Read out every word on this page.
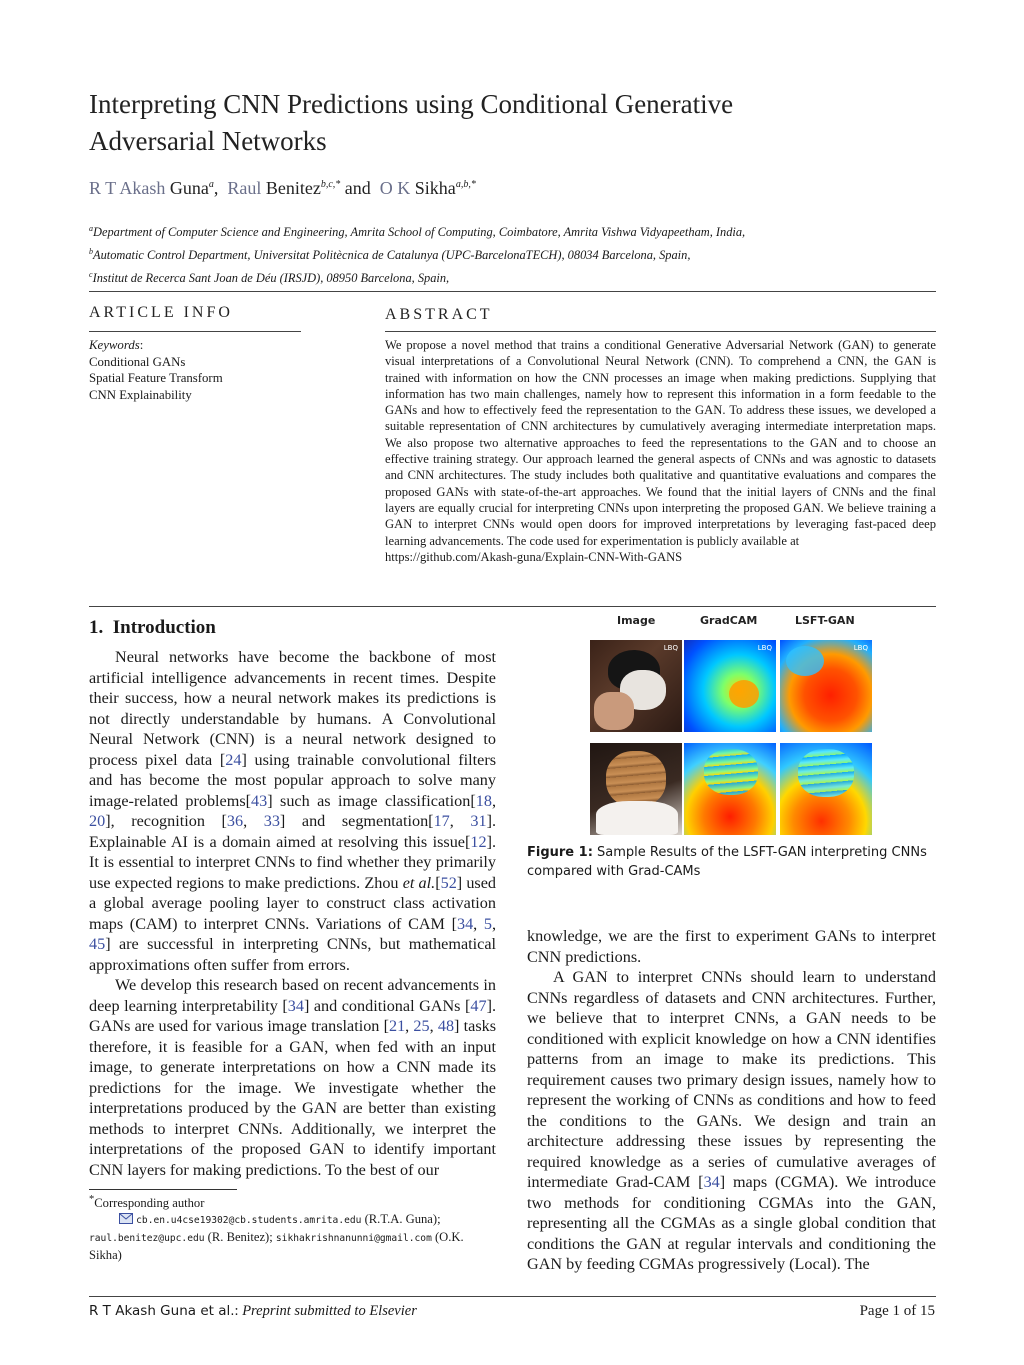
Interpreting CNN Predictions using Conditional Generative Adversarial Networks
R T Akash Guna$^a$,  Raul Benitez$^{b,c,*}$ and  O K Sikha$^{a,b,*}$
$^a$Department of Computer Science and Engineering, Amrita School of Computing, Coimbatore, Amrita Vishwa Vidyapeetham, India,
$^b$Automatic Control Department, Universitat Politècnica de Catalunya (UPC-BarcelonaTECH), 08034 Barcelona, Spain,
$^c$Institut de Recerca Sant Joan de Déu (IRSJD), 08950 Barcelona, Spain,
ARTICLE INFO
Keywords:
Conditional GANs
Spatial Feature Transform
CNN Explainability
ABSTRACT
We propose a novel method that trains a conditional Generative Adversarial Network (GAN) to generate visual interpretations of a Convolutional Neural Network (CNN). To comprehend a CNN, the GAN is trained with information on how the CNN processes an image when making predictions. Supplying that information has two main challenges, namely how to represent this information in a form feedable to the GANs and how to effectively feed the representation to the GAN. To address these issues, we developed a suitable representation of CNN architectures by cumulatively averaging intermediate interpretation maps. We also propose two alternative approaches to feed the representations to the GAN and to choose an effective training strategy. Our approach learned the general aspects of CNNs and was agnostic to datasets and CNN architectures. The study includes both qualitative and quantitative evaluations and compares the proposed GANs with state-of-the-art approaches. We found that the initial layers of CNNs and the final layers are equally crucial for interpreting CNNs upon interpreting the proposed GAN. We believe training a GAN to interpret CNNs would open doors for improved interpretations by leveraging fast-paced deep learning advancements. The code used for experimentation is publicly available at
https://github.com/Akash-guna/Explain-CNN-With-GANS
1. Introduction

Neural networks have become the backbone of most artificial intelligence advancements in recent times. Despite their success, how a neural network makes its predictions is not directly understandable by humans. A Convolutional Neural Network (CNN) is a neural network designed to process pixel data [24] using trainable convolutional filters and has become the most popular approach to solve many image-related problems[43] such as image classification[18, 20], recognition [36, 33] and segmentation[17, 31]. Explainable AI is a domain aimed at resolving this issue[12]. It is essential to interpret CNNs to find whether they primarily use expected regions to make predictions. Zhou et al.[52] used a global average pooling layer to construct class activation maps (CAM) to interpret CNNs. Variations of CAM [34, 5, 45] are successful in interpreting CNNs, but mathematical approximations often suffer from errors.

We develop this research based on recent advancements in deep learning interpretability [34] and conditional GANs [47]. GANs are used for various image translation [21, 25, 48] tasks therefore, it is feasible for a GAN, when fed with an input image, to generate interpretations on how a CNN made its predictions for the image. We investigate whether the interpretations produced by the GAN are better than existing methods to interpret CNNs. Additionally, we interpret the interpretations of the proposed GAN to identify important CNN layers for making predictions. To the best of our

Image	GradCAM	LSFT-GAN
LBQ	LBQ	LBQ
Figure 1: Sample Results of the LSFT-GAN interpreting CNNs compared with Grad-CAMs

knowledge, we are the first to experiment GANs to interpret CNN predictions.

A GAN to interpret CNNs should learn to understand CNNs regardless of datasets and CNN architectures. Further, we believe that to interpret CNNs, a GAN needs to be conditioned with explicit knowledge on how a CNN identifies patterns from an image to make its predictions. This requirement causes two primary design issues, namely how to represent the working of CNNs as conditions and how to feed the conditions to the GANs. We design and train an architecture addressing these issues by representing the required knowledge as a series of cumulative averages of intermediate Grad-CAM [34] maps (CGMA). We introduce two methods for conditioning CGMAs into the GAN, representing all the CGMAs as a single global condition that conditions the GAN at regular intervals and conditioning the GAN by feeding CGMAs progressively (Local). The

*Corresponding author
cb.en.u4cse19302@cb.students.amrita.edu (R.T.A. Guna); raul.benitez@upc.edu (R. Benitez); sikhakrishnanunni@gmail.com (O.K. Sikha)
R T Akash Guna et al.: Preprint submitted to Elsevier	Page 1 of 15
